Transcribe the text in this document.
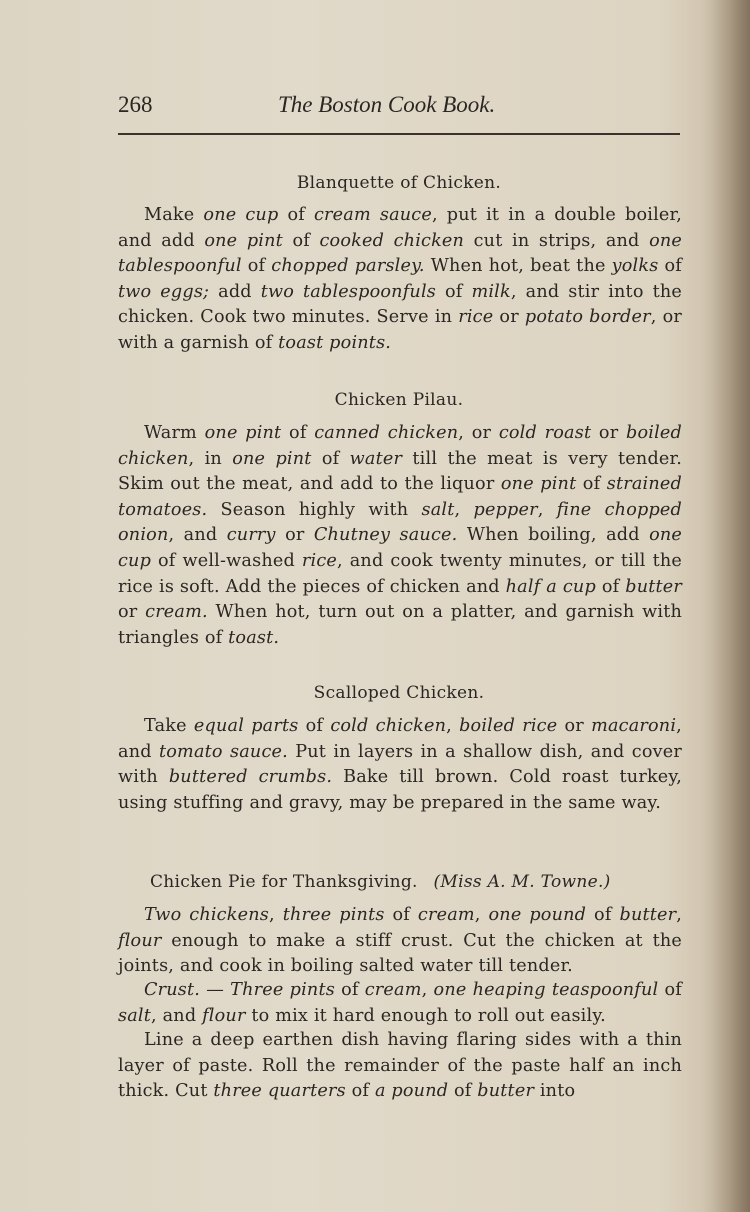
268	The Boston Cook Book.
Blanquette of Chicken.
Make one cup of cream sauce, put it in a double boiler, and add one pint of cooked chicken cut in strips, and one tablespoonful of chopped parsley. When hot, beat the yolks of two eggs; add two tablespoonfuls of milk, and stir into the chicken. Cook two minutes. Serve in rice or potato border, or with a garnish of toast points.
Chicken Pilau.
Warm one pint of canned chicken, or cold roast or boiled chicken, in one pint of water till the meat is very tender. Skim out the meat, and add to the liquor one pint of strained tomatoes. Season highly with salt, pepper, fine chopped onion, and curry or Chutney sauce. When boiling, add one cup of well-washed rice, and cook twenty minutes, or till the rice is soft. Add the pieces of chicken and half a cup of butter or cream. When hot, turn out on a platter, and garnish with triangles of toast.
Scalloped Chicken.
Take equal parts of cold chicken, boiled rice or macaroni, and tomato sauce. Put in layers in a shallow dish, and cover with buttered crumbs. Bake till brown. Cold roast turkey, using stuffing and gravy, may be prepared in the same way.
Chicken Pie for Thanksgiving. (Miss A. M. Towne.)
Two chickens, three pints of cream, one pound of butter, flour enough to make a stiff crust. Cut the chicken at the joints, and cook in boiling salted water till tender.
Crust. — Three pints of cream, one heaping teaspoonful of salt, and flour to mix it hard enough to roll out easily.
Line a deep earthen dish having flaring sides with a thin layer of paste. Roll the remainder of the paste half an inch thick. Cut three quarters of a pound of butter into
